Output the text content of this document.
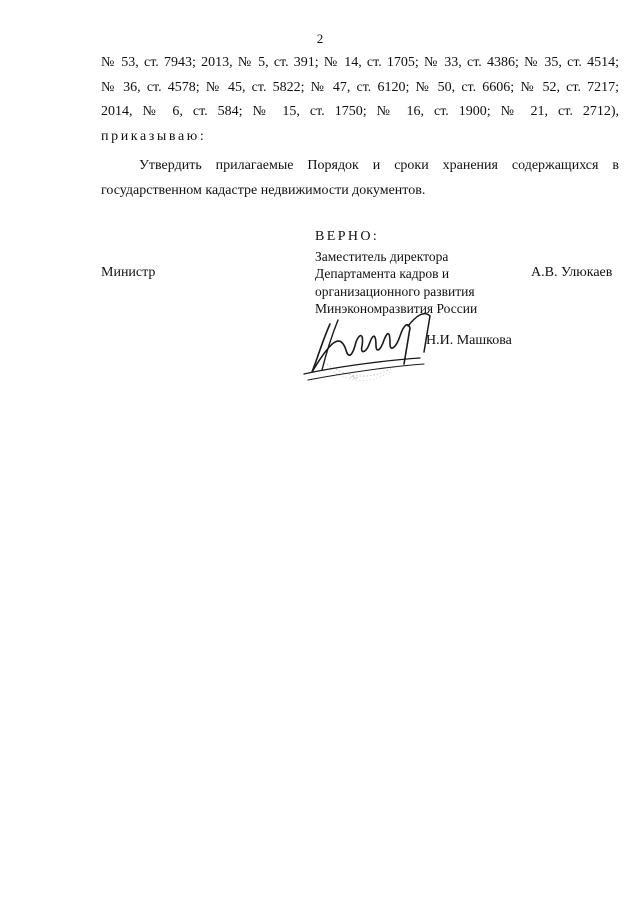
2

№ 53, ст. 7943; 2013, № 5, ст. 391; № 14, ст. 1705; № 33, ст. 4386; № 35, ст. 4514;

№ 36, ст. 4578; № 45, ст. 5822; № 47, ст. 6120; № 50, ст. 6606; № 52, ст. 7217;

2014, № 6, ст. 584; № 15, ст. 1750; № 16, ст. 1900; № 21, ст. 2712),

приказываю:

Утвердить прилагаемые Порядок и сроки хранения содержащихся в

государственном кадастре недвижимости документов.

Министр	А.В. Улюкаев
ВЕРНО:
Заместитель директора
Департамента кадров и
организационного развития
Минэкономразвития России
Н.И. Машкова
